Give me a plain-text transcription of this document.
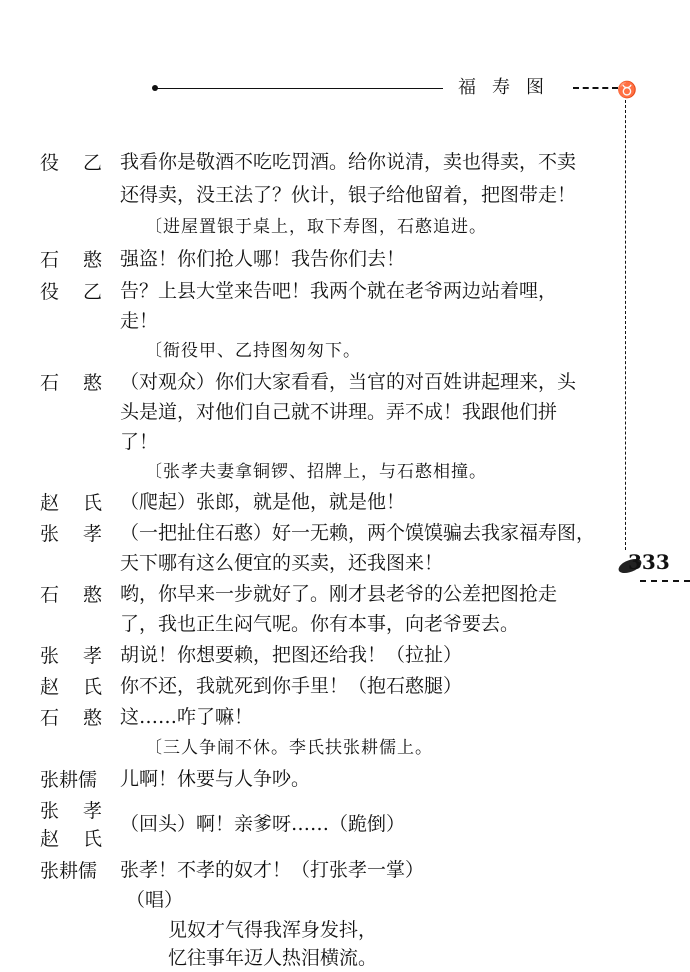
福寿图	♉
333
役乙
我看你是敬酒不吃吃罚酒。给你说清，卖也得卖，不卖
还得卖，没王法了？伙计，银子给他留着，把图带走！
〔进屋置银于桌上，取下寿图，石憨追进。
石憨
强盗！你们抢人哪！我告你们去！
役乙
告？上县大堂来告吧！我两个就在老爷两边站着哩，
走！
〔衙役甲、乙持图匆匆下。
石憨
（对观众）你们大家看看，当官的对百姓讲起理来，头
头是道，对他们自己就不讲理。弄不成！我跟他们拼
了！
〔张孝夫妻拿铜锣、招牌上，与石憨相撞。
赵氏
（爬起）张郎，就是他，就是他！
张孝
（一把扯住石憨）好一无赖，两个馍馍骗去我家福寿图，
天下哪有这么便宜的买卖，还我图来！
石憨
哟，你早来一步就好了。刚才县老爷的公差把图抢走
了，我也正生闷气呢。你有本事，向老爷要去。
张孝
胡说！你想要赖，把图还给我！（拉扯）
赵氏
你不还，我就死到你手里！（抱石憨腿）
石憨
这……咋了嘛！
〔三人争闹不休。李氏扶张耕儒上。
张耕儒 儿啊！休要与人争吵。
张孝
赵氏
（回头）啊！亲爹呀……（跪倒）
张耕儒 张孝！不孝的奴才！（打张孝一掌）
（唱）
见奴才气得我浑身发抖，
忆往事年迈人热泪横流。
